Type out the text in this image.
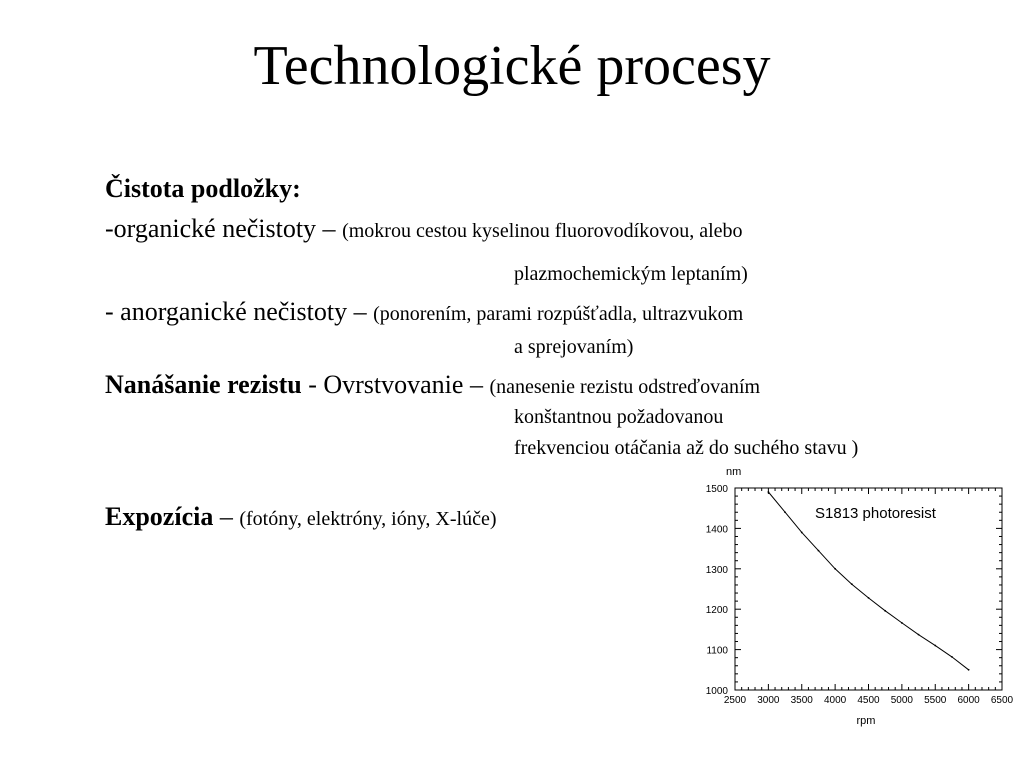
Technologické procesy
Čistota podložky:
-organické nečistoty – (mokrou cestou kyselinou fluorovodíkovou, alebo
plazmochemickým leptaním)
- anorganické nečistoty – (ponorením, parami rozpúšťadla, ultrazvukom
a sprejovaním)
Nanášanie rezistu - Ovrstvovanie – (nanesenie rezistu odstreďovaním
konštantnou požadovanou
frekvenciou otáčania až do suchého stavu )
Expozícia – (fotóny, elektróny, ióny, X-lúče)
nm
rpm
S1813 photoresist
2500 3000 3500 4000 4500 5000 5500 6000 6500
1000
1100
1200
1300
1400
1500
